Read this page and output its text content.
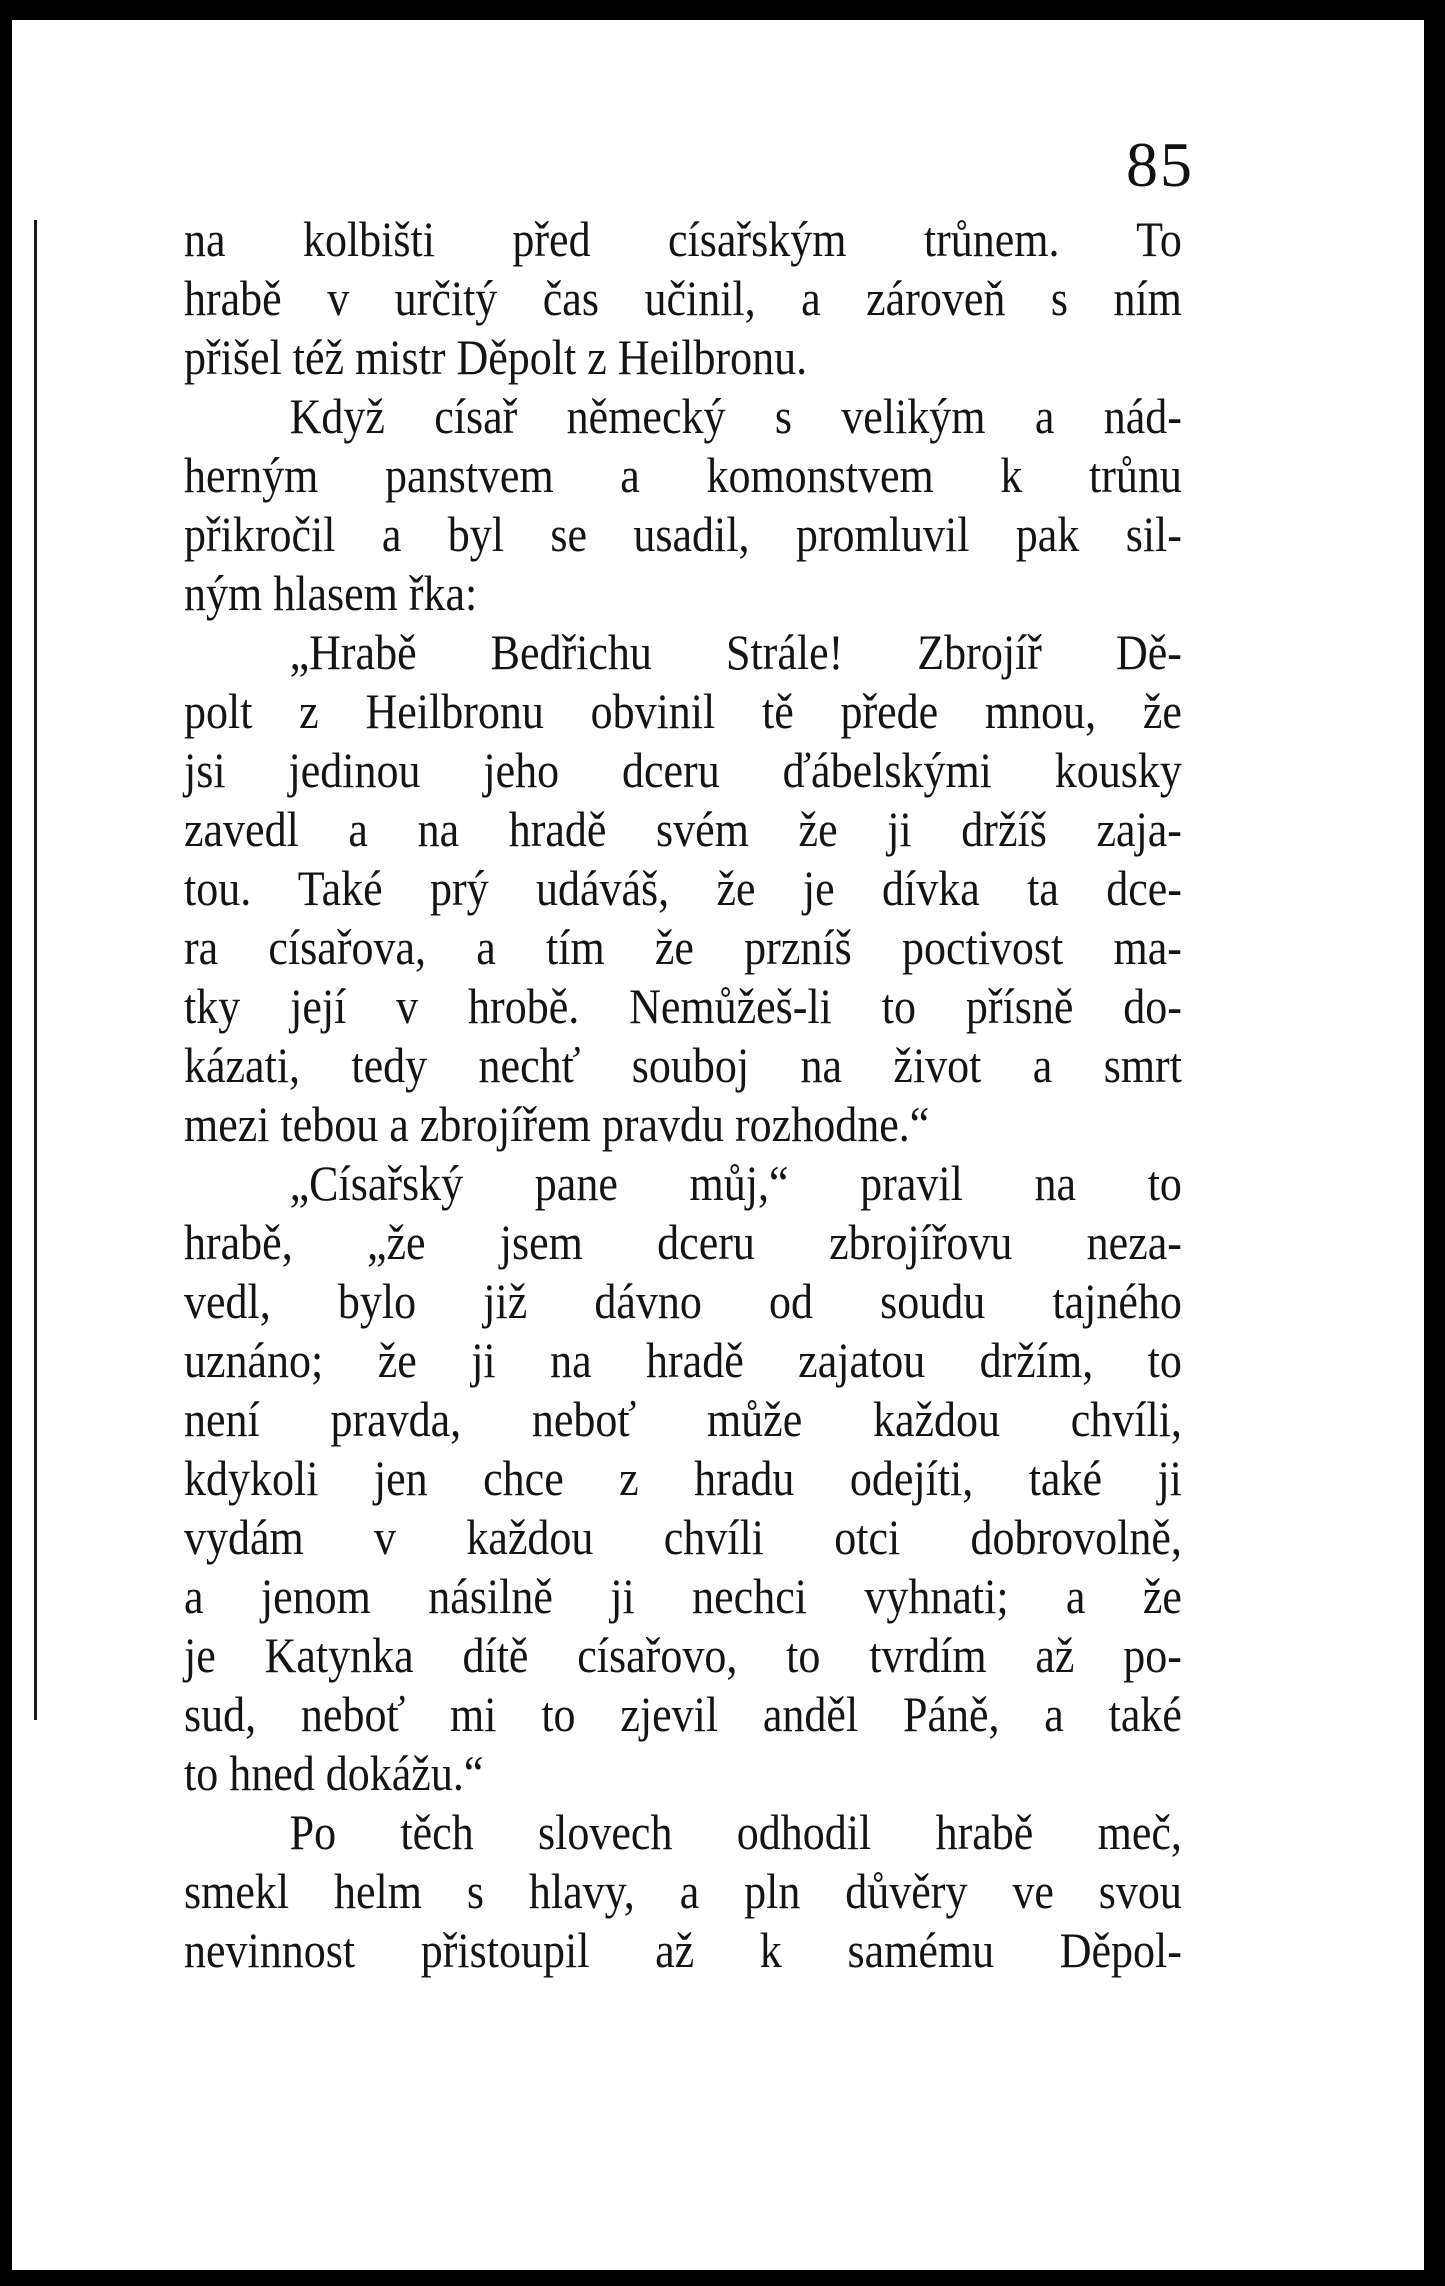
85
na kolbišti před císařským trůnem. To
hrabě v určitý čas učinil, a zároveň s ním
přišel též mistr Děpolt z Heilbronu.
Když císař německý s velikým a nád-
herným panstvem a komonstvem k trůnu
přikročil a byl se usadil, promluvil pak sil-
ným hlasem řka:
„Hrabě Bedřichu Strále! Zbrojíř Dě-
polt z Heilbronu obvinil tě přede mnou, že
jsi jedinou jeho dceru ďábelskými kousky
zavedl a na hradě svém že ji držíš zaja-
tou. Také prý udáváš, že je dívka ta dce-
ra císařova, a tím že przníš poctivost ma-
tky její v hrobě. Nemůžeš-li to přísně do-
kázati, tedy nechť souboj na život a smrt
mezi tebou a zbrojířem pravdu rozhodne.“
„Císařský pane můj,“ pravil na to
hrabě, „že jsem dceru zbrojířovu neza-
vedl, bylo již dávno od soudu tajného
uznáno; že ji na hradě zajatou držím, to
není pravda, neboť může každou chvíli,
kdykoli jen chce z hradu odejíti, také ji
vydám v každou chvíli otci dobrovolně,
a jenom násilně ji nechci vyhnati; a že
je Katynka dítě císařovo, to tvrdím až po-
sud, neboť mi to zjevil anděl Páně, a také
to hned dokážu.“
Po těch slovech odhodil hrabě meč,
smekl helm s hlavy, a pln důvěry ve svou
nevinnost přistoupil až k samému Děpol-
